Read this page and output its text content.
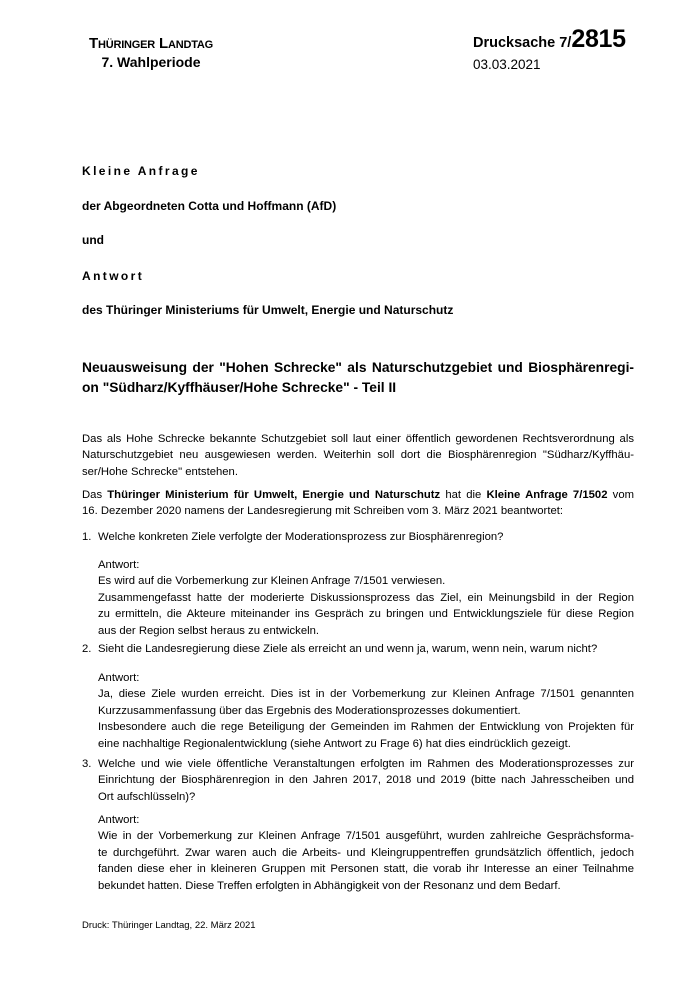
Thüringer Landtag
7. Wahlperiode
Drucksache 7/ 2815
03.03.2021
Kleine Anfrage
der Abgeordneten Cotta und Hoffmann (AfD)
und
Antwort
des Thüringer Ministeriums für Umwelt, Energie und Naturschutz
Neuausweisung der "Hohen Schrecke" als Naturschutzgebiet und Biosphärenregi-
on "Südharz/Kyffhäuser/Hohe Schrecke" - Teil II
Das als Hohe Schrecke bekannte Schutzgebiet soll laut einer öffentlich gewordenen Rechtsverordnung als
Naturschutzgebiet neu ausgewiesen werden. Weiterhin soll dort die Biosphärenregion "Südharz/Kyffhäu-
ser/Hohe Schrecke" entstehen.
Das Thüringer Ministerium für Umwelt, Energie und Naturschutz hat die Kleine Anfrage 7/1502 vom
16. Dezember 2020 namens der Landesregierung mit Schreiben vom 3. März 2021 beantwortet:
1. Welche konkreten Ziele verfolgte der Moderationsprozess zur Biosphärenregion?
Antwort:
Es wird auf die Vorbemerkung zur Kleinen Anfrage 7/1501 verwiesen.
Zusammengefasst hatte der moderierte Diskussionsprozess das Ziel, ein Meinungsbild in der Region
zu ermitteln, die Akteure miteinander ins Gespräch zu bringen und Entwicklungsziele für diese Region
aus der Region selbst heraus zu entwickeln.
2. Sieht die Landesregierung diese Ziele als erreicht an und wenn ja, warum, wenn nein, warum nicht?
Antwort:
Ja, diese Ziele wurden erreicht. Dies ist in der Vorbemerkung zur Kleinen Anfrage 7/1501 genannten
Kurzzusammenfassung über das Ergebnis des Moderationsprozesses dokumentiert.
Insbesondere auch die rege Beteiligung der Gemeinden im Rahmen der Entwicklung von Projekten für
eine nachhaltige Regionalentwicklung (siehe Antwort zu Frage 6) hat dies eindrücklich gezeigt.
3. Welche und wie viele öffentliche Veranstaltungen erfolgten im Rahmen des Moderationsprozesses zur
Einrichtung der Biosphärenregion in den Jahren 2017, 2018 und 2019 (bitte nach Jahresscheiben und
Ort aufschlüsseln)?
Antwort:
Wie in der Vorbemerkung zur Kleinen Anfrage 7/1501 ausgeführt, wurden zahlreiche Gesprächsforma-
te durchgeführt. Zwar waren auch die Arbeits- und Kleingruppentreffen grundsätzlich öffentlich, jedoch
fanden diese eher in kleineren Gruppen mit Personen statt, die vorab ihr Interesse an einer Teilnahme
bekundet hatten. Diese Treffen erfolgten in Abhängigkeit von der Resonanz und dem Bedarf.
Druck: Thüringer Landtag, 22. März 2021
